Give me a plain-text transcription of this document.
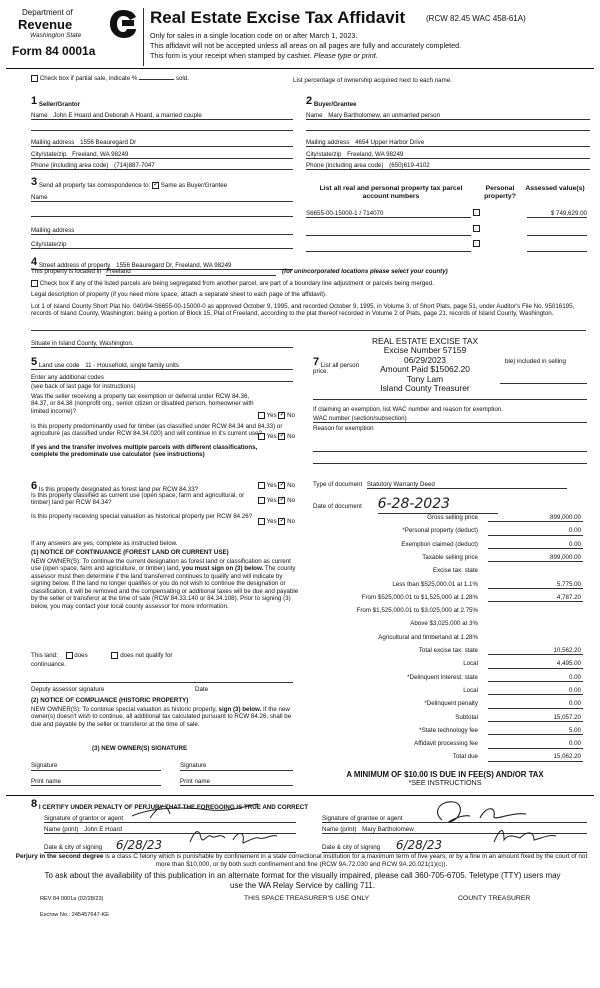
Department of
Revenue
Washington State
Form 84 0001a
Real Estate Excise Tax Affidavit	(RCW 82.45 WAC 458-61A)
Only for sales in a single location code on or after March 1, 2023.
This affidavit will not be accepted unless all areas on all pages are fully and accurately completed.
This form is your receipt when stamped by cashier. Please type or print.
Check box if partial sale, indicate %	sold.	List percentage of ownership acquired next to each name.
1 Seller/Grantor
Name John E Hoard and Deborah A Hoard, a married couple
Mailing address 1556 Beauregard Dr
City/state/zip Freeland, WA 98249
Phone (including area code) (714)887-7047
2 Buyer/Grantee
Name Mary Bartholomew, an unmarried person
Mailing address 4654 Upper Harbor Drive
City/state/zip Freeland, WA 98249
Phone (including area code) (650)619-4102
3 Send all property tax correspondence to: ✓ Same as Buyer/Grantee
Name
Mailing address
City/state/zip
List all real and personal property tax parcel account numbers
Personal property?
Assessed value(s)
S6655-00-15000-1 / 714070	$ 749,629.00
4 Street address of property 1556 Beauregard Dr, Freeland, WA 98249
This property is located in Freeland	(for unincorporated locations please select your county)
Check box if any of the listed parcels are being segregated from another parcel, are part of a boundary line adjustment or parcels being merged.
Legal description of property (if you need more space, attach a separate sheet to each page of the affidavit).
Lot 1 of Island County Short Plat No. 040/94-S6655-00-15000-0 as approved October 9, 1995, and recorded October 9, 1995, in Volume 3, of Short Plats, page 51, under Auditor's File No. 95016195, records of Island County, Washington; being a portion of Block 15, Plat of Freeland, according to the plat thereof recorded in Volume 2 of Plats, page 21, records of Island County, Washington.
Situate in Island County, Washington.	REAL ESTATE EXCISE TAX
Excise Number 57159
06/29/2023
Amount Paid $15062.20
Tony Lam
Island County Treasurer
5 Land use code 11 - Household, single family units
Enter any additional codes
(see back of last page for instructions)
Was the seller receiving a property tax exemption or deferral under RCW 84.36, 84.37, or 84.38 (nonprofit org., senior citizen or disabled person, homeowner with limited income)?
Yes ✓ No
Is this property predominantly used for timber (as classified under RCW 84.34 and 84.33) or agriculture (as classified under RCW 84.34.020) and will continue in it's current use?
If yes and the transfer involves multiple parcels with different classifications, complete the predominate use calculator (see instructions)
Yes ✓ No
7 List all person
ble) included in selling
price.
If claiming an exemption, list WAC number and reason for exemption.
WAC number (section/subsection)
Reason for exemption
6 Is this property designated as forest land per RCW 84.33?
Yes ✓ No
Is this property classified as current use (open space, farm and agricultural, or timber) land per RCW 84.34?	Yes ✓ No
Is this property receiving special valuation as historical property per RCW 84.26?
Yes ✓ No
If any answers are yes, complete as instructed below.
(1) NOTICE OF CONTINUANCE (FOREST LAND OR CURRENT USE)
NEW OWNER(S): To continue the current designation as forest land or classification as current use (open space, farm and agriculture, or timber) land, you must sign on (3) below. The county assessor must then determine if the land transferred continues to qualify and will indicate by signing below. If the land no longer qualifies or you do not wish to continue the designation or classification, it will be removed and the compensating or additional taxes will be due and payable by the seller or transferor at the time of sale (RCW 84.33.140 or 84.34.108). Prior to signing (3) below, you may contact your local county assessor for more information.
This land:	does	does not qualify for
continuance.
Deputy assessor signature	Date
(2) NOTICE OF COMPLIANCE (HISTORIC PROPERTY)
NEW OWNER(S): To continue special valuation as historic property, sign (3) below. If the new owner(s) doesn't wish to continue, all additional tax calculated pursuant to RCW 84.26, shall be due and payable by the seller or transferor at the time of sale.
(3) NEW OWNER(S) SIGNATURE
Signature	Signature
Print name	Print name
Type of document Statutory Warranty Deed
Date of document 6-28-2023
Gross selling price	899,000.00
*Personal property (deduct)	0.00
Exemption claimed (deduct)	0.00
Taxable selling price	899,000.00
Excise tax: state
Less than $525,000.01 at 1.1%	5,775.00
From $525,000.01 to $1,525,000 at 1.28%	4,787.20
From $1,525,000.01 to $3,025,000 at 2.75%
Above $3,025,000 at 3%
Agricultural and timberland at 1.28%
Total excise tax: state	10,562.20
Local	4,495.00
*Delinquent interest: state	0.00
Local	0.00
*Delinquent penalty	0.00
Subtotal	15,057.20
*State technology fee	5.00
Affidavit processing fee	0.00
Total due	15,062.20
A MINIMUM OF $10.00 IS DUE IN FEE(S) AND/OR TAX
*SEE INSTRUCTIONS
8 I CERTIFY UNDER PENALTY OF PERJURY THAT THE FOREGOING IS TRUE AND CORRECT
Signature of grantor or agent
Name (print) John E Hoard
Date & city of signing 6/28/23
Signature of grantee or agent
Name (print) Mary Bartholomew
Date & city of signing 6/28/23
Perjury in the second degree is a class C felony which is punishable by confinement in a state correctional institution for a maximum term of five years, or by a fine in an amount fixed by the court of not more than $10,000, or by both such confinement and fine (RCW 9A.72.030 and RCW 9A.20.021(1)(c)).
To ask about the availability of this publication in an alternate format for the visually impaired, please call 360-705-6705. Teletype (TTY) users may use the WA Relay Service by calling 711.
REV 84 0001a (02/28/23)	THIS SPACE TREASURER'S USE ONLY	COUNTY TREASURER
Escrow No.: 245457647-KE
